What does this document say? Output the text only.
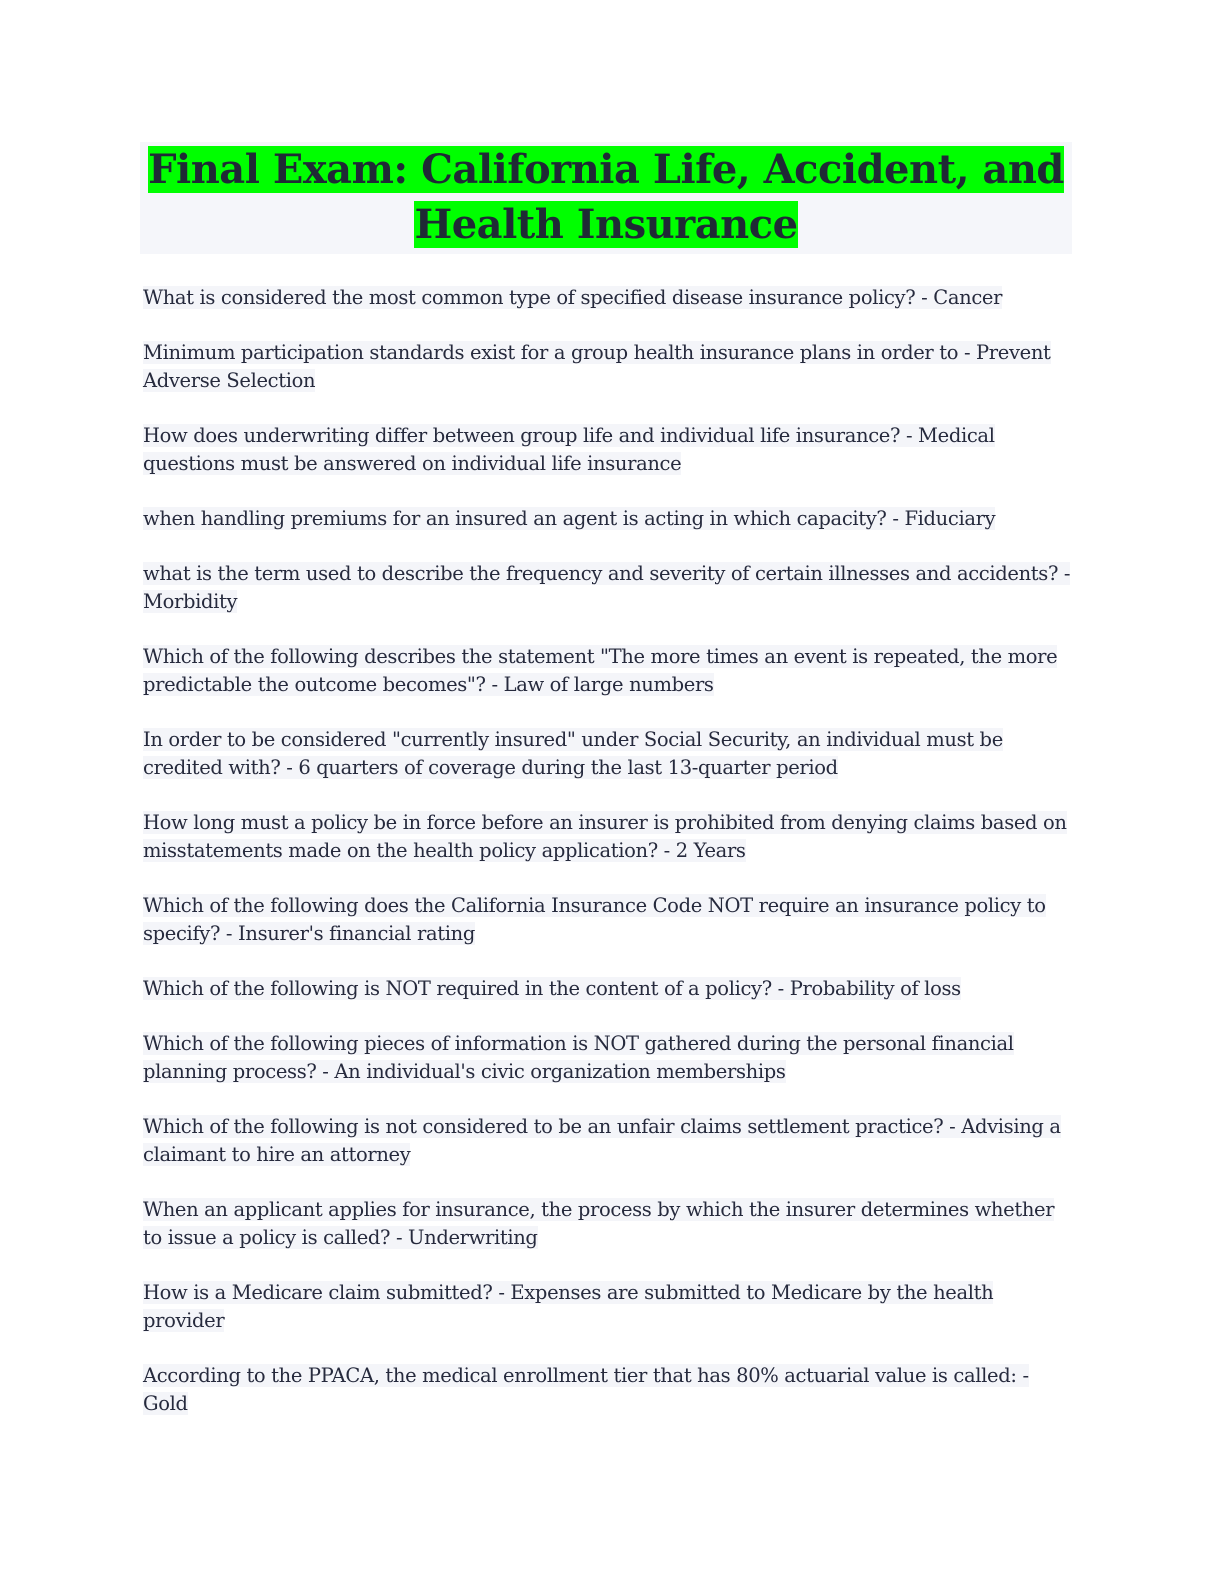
Final Exam: California Life, Accident, and Health Insurance

What is considered the most common type of specified disease insurance policy? - Cancer

Minimum participation standards exist for a group health insurance plans in order to - Prevent Adverse Selection

How does underwriting differ between group life and individual life insurance? - Medical questions must be answered on individual life insurance

when handling premiums for an insured an agent is acting in which capacity? - Fiduciary

what is the term used to describe the frequency and severity of certain illnesses and accidents? - Morbidity

Which of the following describes the statement "The more times an event is repeated, the more predictable the outcome becomes"? - Law of large numbers

In order to be considered "currently insured" under Social Security, an individual must be credited with? - 6 quarters of coverage during the last 13-quarter period

How long must a policy be in force before an insurer is prohibited from denying claims based on misstatements made on the health policy application? - 2 Years

Which of the following does the California Insurance Code NOT require an insurance policy to specify? - Insurer's financial rating

Which of the following is NOT required in the content of a policy? - Probability of loss

Which of the following pieces of information is NOT gathered during the personal financial planning process? - An individual's civic organization memberships

Which of the following is not considered to be an unfair claims settlement practice? - Advising a claimant to hire an attorney

When an applicant applies for insurance, the process by which the insurer determines whether to issue a policy is called? - Underwriting

How is a Medicare claim submitted? - Expenses are submitted to Medicare by the health provider

According to the PPACA, the medical enrollment tier that has 80% actuarial value is called: - Gold
